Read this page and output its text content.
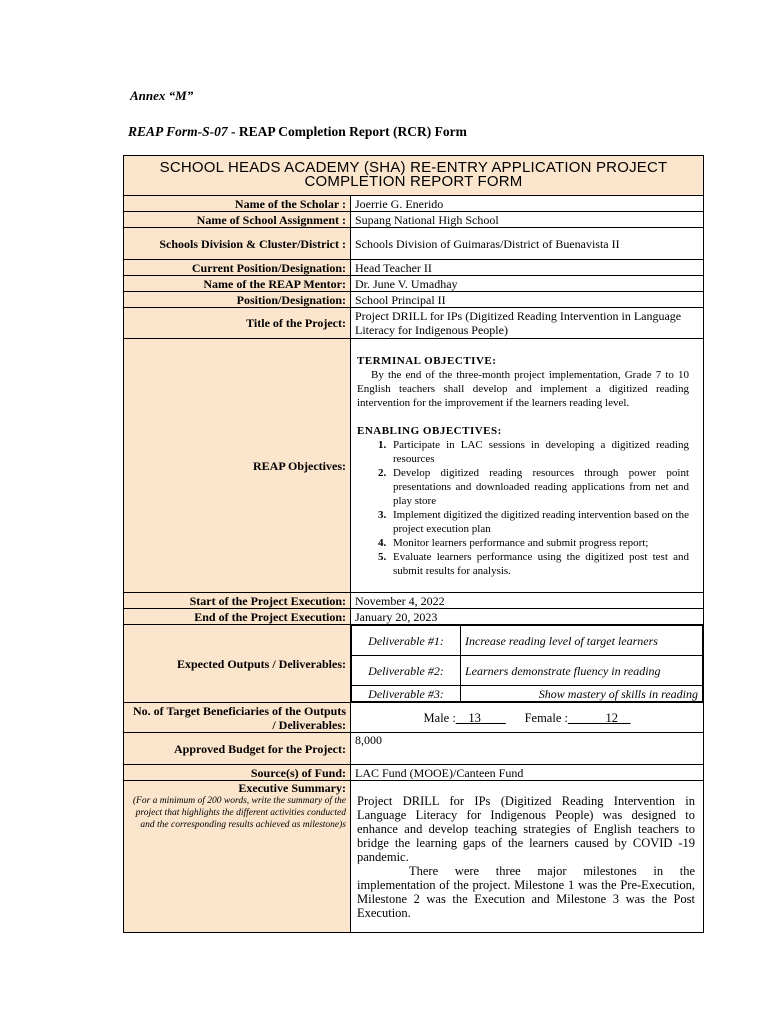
Annex “M”
REAP Form-S-07 - REAP Completion Report (RCR) Form
SCHOOL HEADS ACADEMY (SHA) RE-ENTRY APPLICATION PROJECT COMPLETION REPORT FORM
Name of the Scholar :	Joerrie G. Enerido
Name of School Assignment :	Supang National High School
Schools Division & Cluster/District :	Schools Division of Guimaras/District of Buenavista II
Current Position/Designation:	Head Teacher II
Name of the REAP Mentor:	Dr. June V. Umadhay
Position/Designation:	School Principal II
Title of the Project:	Project DRILL for IPs (Digitized Reading Intervention in Language Literacy for Indigenous People)
REAP Objectives:	
TERMINAL OBJECTIVE:
By the end of the three-month project implementation, Grade 7 to 10 English teachers shall develop and implement a digitized reading intervention for the improvement if the learners reading level.
ENABLING OBJECTIVES:
1. Participate in LAC sessions in developing a digitized reading resources
2. Develop digitized reading resources through power point presentations and downloaded reading applications from net and play store
3. Implement digitized the digitized reading intervention based on the project execution plan
4. Monitor learners performance and submit progress report;
5. Evaluate learners performance using the digitized post test and submit results for analysis.

Start of the Project Execution:	November 4, 2022
End of the Project Execution:	January 20, 2023
Expected Outputs / Deliverables:	
Deliverable #1:	Increase reading level of target learners
Deliverable #2:	Learners demonstrate fluency in reading
Deliverable #3:	Show mastery of skills in reading

No. of Target Beneficiaries of the Outputs / Deliverables:	Male :__13____ Female :______12__
Approved Budget for the Project:	8,000
Source(s) of Fund:	LAC Fund (MOOE)/Canteen Fund

Executive Summary:
(For a minimum of 200 words, write the summary of the project that highlights the different activities conducted and the corresponding results achieved as milestone)s

Project DRILL for IPs (Digitized Reading Intervention in Language Literacy for Indigenous People) was designed to enhance and develop teaching strategies of English teachers to bridge the learning gaps of the learners caused by COVID -19 pandemic.

There were three major milestones in the implementation of the project. Milestone 1 was the Pre-Execution, Milestone 2 was the Execution and Milestone 3 was the Post Execution.
